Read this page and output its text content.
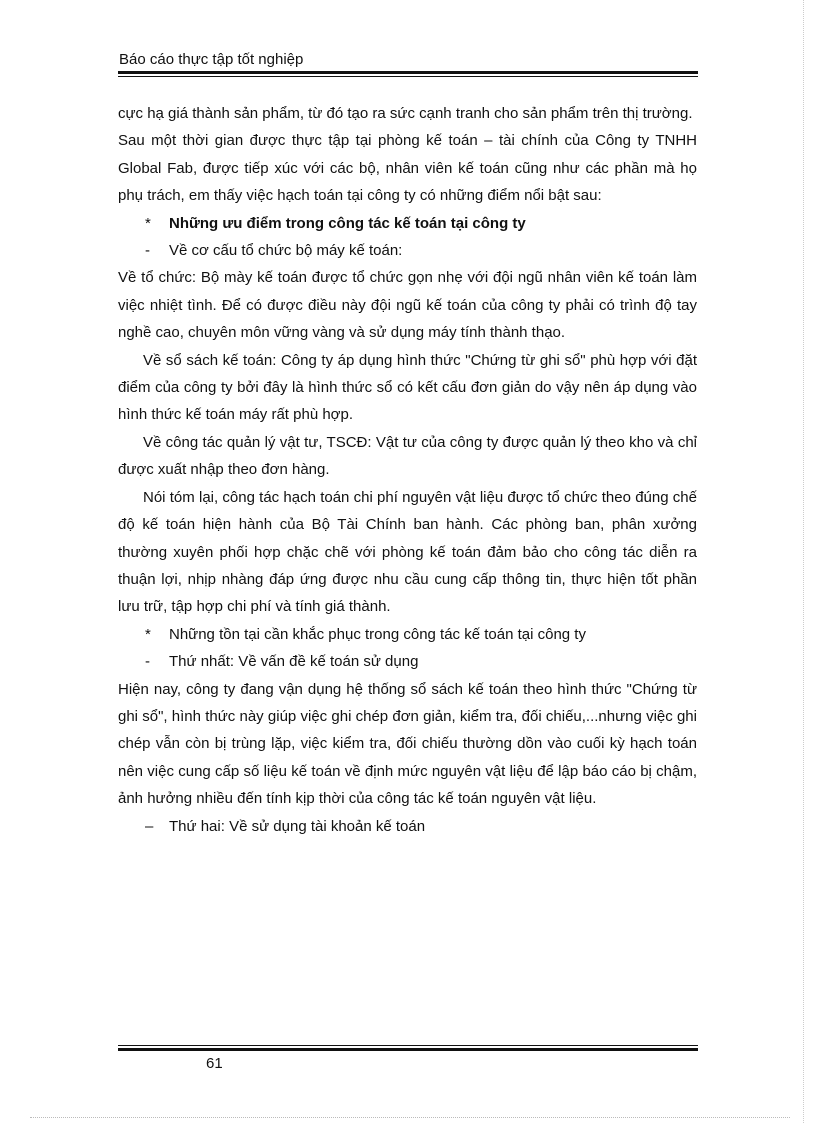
Báo cáo thực tập tốt nghiệp

cực hạ giá thành sản phẩm, từ đó tạo ra sức cạnh tranh cho sản phẩm trên thị trường.

Sau một thời gian được thực tập tại phòng kế toán – tài chính của Công ty TNHH Global Fab, được tiếp xúc với các bộ, nhân viên kế toán cũng như các phần mà họ phụ trách, em thấy việc hạch toán tại công ty có những điểm nổi bật sau:

*	Những ưu điểm trong công tác kế toán tại công ty
-	Về cơ cấu tổ chức bộ máy kế toán:

Về tổ chức: Bộ mày kế toán được tổ chức gọn nhẹ với đội ngũ nhân viên kế toán làm việc nhiệt tình. Để có được điều này đội ngũ kế toán của công ty phải có trình độ tay nghề cao, chuyên môn vững vàng và sử dụng máy tính thành thạo.

Về sổ sách kế toán: Công ty áp dụng hình thức "Chứng từ ghi sổ" phù hợp với đặt điểm của công ty bởi đây là hình thức sổ có kết cấu đơn giản do vậy nên áp dụng vào hình thức kế toán máy rất phù hợp.

Về công tác quản lý vật tư, TSCĐ: Vật tư của công ty được quản lý theo kho và chỉ được xuất nhập theo đơn hàng.

Nói tóm lại, công tác hạch toán chi phí nguyên vật liệu được tổ chức theo đúng chế độ kế toán hiện hành của Bộ Tài Chính ban hành. Các phòng ban, phân xưởng thường xuyên phối hợp chặc chẽ với phòng kế toán đảm bảo cho công tác diễn ra thuận lợi, nhịp nhàng đáp ứng được nhu cầu cung cấp thông tin, thực hiện tốt phần lưu trữ, tập hợp chi phí và tính giá thành.

*	Những tồn tại cần khắc phục trong công tác kế toán tại công ty
-	Thứ nhất: Về vấn đề kế toán sử dụng

Hiện nay, công ty đang vận dụng hệ thống sổ sách kế toán theo hình thức "Chứng từ ghi sổ", hình thức này giúp việc ghi chép đơn giản, kiểm tra, đối chiếu,...nhưng việc ghi chép vẫn còn bị trùng lặp, việc kiểm tra, đối chiếu thường dồn vào cuối kỳ hạch toán nên việc cung cấp số liệu kế toán về định mức nguyên vật liệu để lập báo cáo bị chậm, ảnh hưởng nhiều đến tính kịp thời của công tác kế toán nguyên vật liệu.

–	Thứ hai: Về sử dụng tài khoản kế toán
61
